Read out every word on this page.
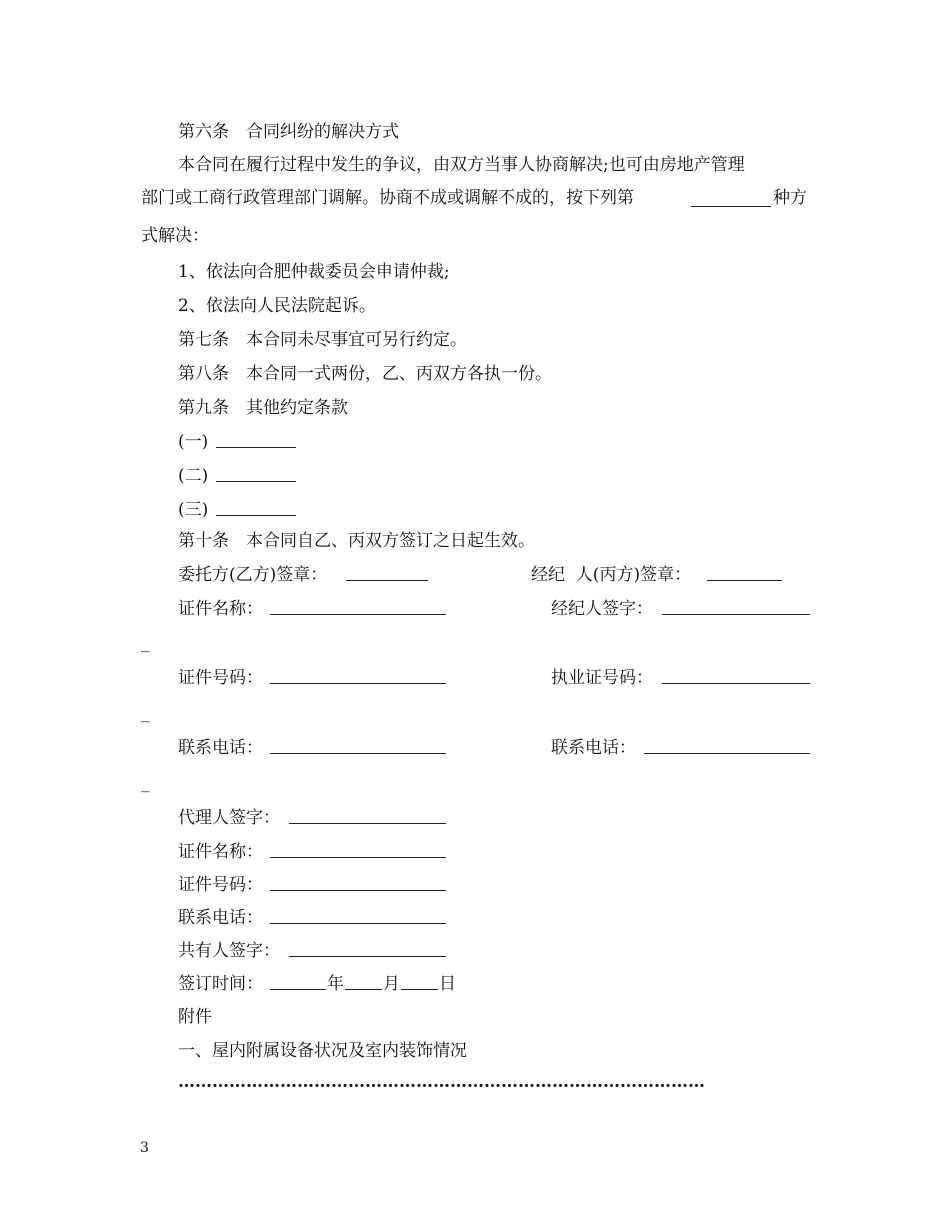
第六条　合同纠纷的解决方式
本合同在履行过程中发生的争议，由双方当事人协商解决;也可由房地产管理
部门或工商行政管理部门调解。协商不成或调解不成的，按下列第	种方
式解决：
1、依法向合肥仲裁委员会申请仲裁;
2、依法向人民法院起诉。
第七条　本合同未尽事宜可另行约定。
第八条　本合同一式两份，乙、丙双方各执一份。
第九条　其他约定条款
(一)
(二)
(三)
第十条　本合同自乙、丙双方签订之日起生效。
委托方(乙方)签章：	经纪  人(丙方)签章：
证件名称：	经纪人签字：
_
证件号码：	执业证号码：
_
联系电话：	联系电话：
_
代理人签字：
证件名称：
证件号码：
联系电话：
共有人签字：
签订时间：	年 月 日
附件
一、屋内附属设备状况及室内装饰情况
…………………………………………………………………………………
3
